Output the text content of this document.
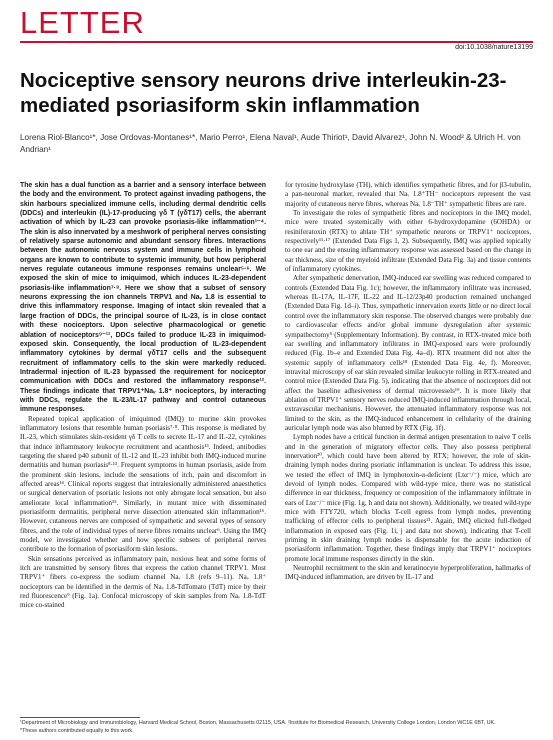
LETTER
doi:10.1038/nature13199
Nociceptive sensory neurons drive interleukin-23-mediated psoriasiform skin inflammation
Lorena Riol-Blanco¹*, Jose Ordovas-Montanes¹*, Mario Perro¹, Elena Naval¹, Aude Thiriot¹, David Alvarez¹, John N. Wood² & Ulrich H. von Andrian¹

The skin has a dual function as a barrier and a sensory interface between the body and the environment. To protect against invading pathogens, the skin harbours specialized immune cells, including dermal dendritic cells (DDCs) and interleukin (IL)-17-producing γδ T (γδT17) cells, the aberrant activation of which by IL-23 can provoke psoriasis-like inflammation¹⁻⁴. The skin is also innervated by a meshwork of peripheral nerves consisting of relatively sparse autonomic and abundant sensory fibres. Interactions between the autonomic nervous system and immune cells in lymphoid organs are known to contribute to systemic immunity, but how peripheral nerves regulate cutaneous immune responses remains unclear⁵·⁶. We exposed the skin of mice to imiquimod, which induces IL-23-dependent psoriasis-like inflammation⁷·⁸. Here we show that a subset of sensory neurons expressing the ion channels TRPV1 and Naᵥ 1.8 is essential to drive this inflammatory response. Imaging of intact skin revealed that a large fraction of DDCs, the principal source of IL-23, is in close contact with these nociceptors. Upon selective pharmacological or genetic ablation of nociceptors⁹⁻¹¹, DDCs failed to produce IL-23 in imiquimod-exposed skin. Consequently, the local production of IL-23-dependent inflammatory cytokines by dermal γδT17 cells and the subsequent recruitment of inflammatory cells to the skin were markedly reduced. Intradermal injection of IL-23 bypassed the requirement for nociceptor communication with DDCs and restored the inflammatory response¹². These findings indicate that TRPV1⁺Naᵥ 1.8⁺ nociceptors, by interacting with DDCs, regulate the IL-23/IL-17 pathway and control cutaneous immune responses.

Repeated topical application of imiquimod (IMQ) to murine skin provokes inflammatory lesions that resemble human psoriasis⁷·⁸. This response is mediated by IL-23, which stimulates skin-resident γδ T cells to secrete IL-17 and IL-22, cytokines that induce inflammatory leukocyte recruitment and acanthosis¹³. Indeed, antibodies targeting the shared p40 subunit of IL-12 and IL-23 inhibit both IMQ-induced murine dermatitis and human psoriasis⁸·¹³. Frequent symptoms in human psoriasis, aside from the prominent skin lesions, include the sensations of itch, pain and discomfort in affected areas¹⁴. Clinical reports suggest that intralesionally administered anaesthetics or surgical denervation of psoriatic lesions not only abrogate local sensation, but also ameliorate local inflammation¹⁵. Similarly, in mutant mice with disseminated psoriasiform dermatitis, peripheral nerve dissection attenuated skin inflammation¹⁶. However, cutaneous nerves are composed of sympathetic and several types of sensory fibres, and the role of individual types of nerve fibres remains unclear⁶. Using the IMQ model, we investigated whether and how specific subsets of peripheral nerves contribute to the formation of psoriasiform skin lesions.

Skin sensations perceived as inflammatory pain, noxious heat and some forms of itch are transmitted by sensory fibres that express the cation channel TRPV1. Most TRPV1⁺ fibers co-express the sodium channel Naᵥ 1.8 (refs 9–11). Naᵥ 1.8⁺ nociceptors can be identified in the dermis of Naᵥ 1.8-TdTomato (TdT) mice by their red fluorescence⁹ (Fig. 1a). Confocal microscopy of skin samples from Naᵥ 1.8-TdT mice co-stained

for tyrosine hydroxylase (TH), which identifies sympathetic fibres, and for β3-tubulin, a pan-neuronal marker, revealed that Naᵥ 1.8⁺TH⁻ nociceptors represent the vast majority of cutaneous nerve fibres, whereas Naᵥ 1.8⁻TH⁺ sympathetic fibres are rare.

To investigate the roles of sympathetic fibres and nociceptors in the IMQ model, mice were treated systemically with either 6-hydroxydopamine (6OHDA) or resiniferatoxin (RTX) to ablate TH⁺ sympathetic neurons or TRPV1⁺ nociceptors, respectively¹¹·¹⁷ (Extended Data Figs 1, 2). Subsequently, IMQ was applied topically to one ear and the ensuing inflammatory response was assessed based on the change in ear thickness, size of the myeloid infiltrate (Extended Data Fig. 3a) and tissue contents of inflammatory cytokines.

After sympathetic denervation, IMQ-induced ear swelling was reduced compared to controls (Extended Data Fig. 1c); however, the inflammatory infiltrate was increased, whereas IL-17A, IL-17F, IL-22 and IL-12/23p40 production remained unchanged (Extended Data Fig. 1d–i). Thus, sympathetic innervation exerts little or no direct local control over the inflammatory skin response. The observed changes were probably due to cardiovascular effects and/or global immune dysregulation after systemic sympathectomy⁵ (Supplementary Information). By contrast, in RTX-treated mice both ear swelling and inflammatory infiltrates in IMQ-exposed ears were profoundly reduced (Fig. 1b–e and Extended Data Fig. 4a–d). RTX treatment did not alter the systemic supply of inflammatory cells¹⁸ (Extended Data Fig. 4e, f). Moreover, intravital microscopy of ear skin revealed similar leukocyte rolling in RTX-treated and control mice (Extended Data Fig. 5), indicating that the absence of nociceptors did not affect the baseline adhesiveness of dermal microvessels¹⁹. It is more likely that ablation of TRPV1⁺ sensory nerves reduced IMQ-induced inflammation through local, extravascular mechanisms. However, the attenuated inflammatory response was not limited to the skin, as the IMQ-induced enhancement in cellularity of the draining auricular lymph node was also blunted by RTX (Fig. 1f).

Lymph nodes have a critical function in dermal antigen presentation to naive T cells and in the generation of migratory effector cells. They also possess peripheral innervation²⁰, which could have been altered by RTX; however, the role of skin-draining lymph nodes during psoriatic inflammation is unclear. To address this issue, we tested the effect of IMQ in lymphotoxin-α-deficient (Ltα⁻/⁻) mice, which are devoid of lymph nodes. Compared with wild-type mice, there was no statistical difference in ear thickness, frequency or composition of the inflammatory infiltrate in ears of Ltα⁻/⁻ mice (Fig. 1g, h and data not shown). Additionally, we treated wild-type mice with FTY720, which blocks T-cell egress from lymph nodes, preventing trafficking of effector cells to peripheral tissues²¹. Again, IMQ elicited full-fledged inflammation in exposed ears (Fig. 1i, j and data not shown), indicating that T-cell priming in skin draining lymph nodes is dispensable for the acute induction of psoriasiform inflammation. Together, these findings imply that TRPV1⁺ nociceptors promote local immune responses directly in the skin.

Neutrophil recruitment to the skin and keratinocyte hyperproliferation, hallmarks of IMQ-induced inflammation, are driven by IL-17 and

¹Department of Microbiology and Immunobiology, Harvard Medical School, Boston, Massachusetts 02115, USA. ²Institute for Biomedical Research, University College London, London WC1E 6BT, UK.
*These authors contributed equally to this work.
